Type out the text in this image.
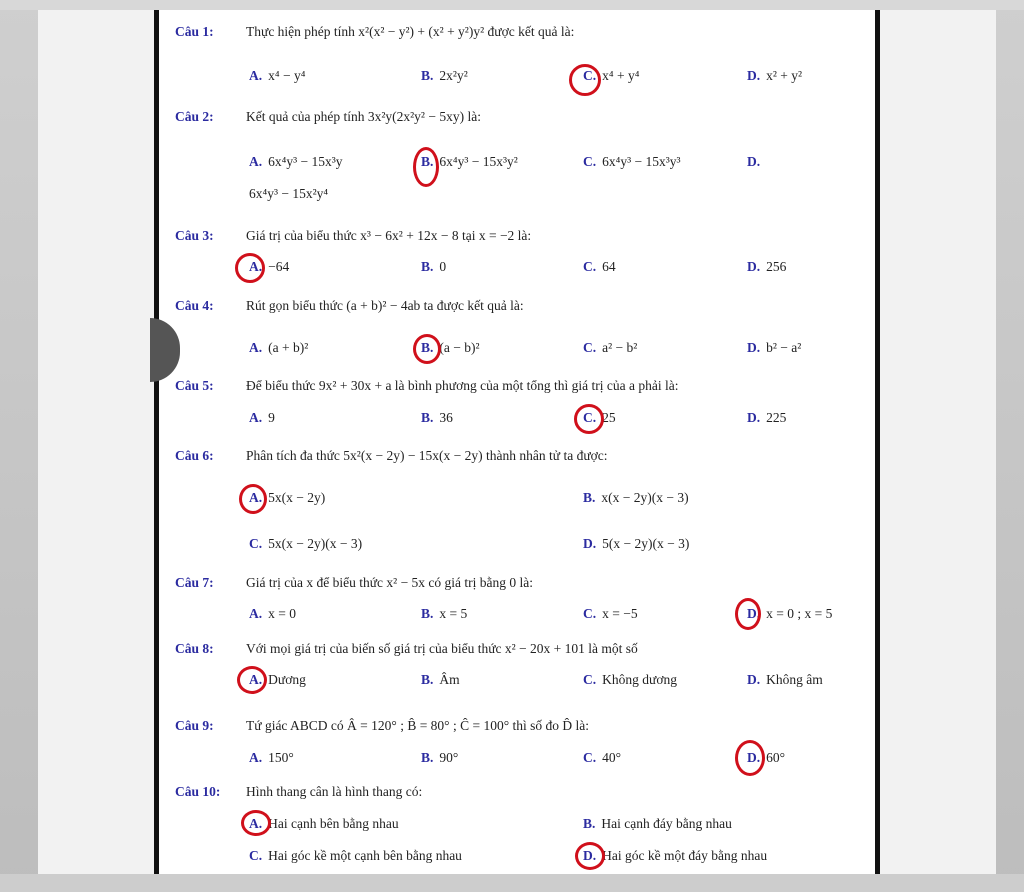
Câu 1: Thực hiện phép tính x²(x² − y²) + (x² + y²)y² được kết quả là:
A. x⁴ − y⁴	B. 2x²y²	C. x⁴ + y⁴	D. x² + y²
Câu 2: Kết quả của phép tính 3x²y(2x²y² − 5xy) là:
A. 6x⁴y³ − 15x³y	B. 6x⁴y³ − 15x³y²	C. 6x⁴y³ − 15x³y³	D.
6x⁴y³ − 15x²y⁴
Câu 3: Giá trị của biểu thức x³ − 6x² + 12x − 8 tại x = −2 là:
A. −64	B. 0	C. 64	D. 256
Câu 4: Rút gọn biểu thức (a + b)² − 4ab ta được kết quả là:
A. (a + b)²	B. (a − b)²	C. a² − b²	D. b² − a²
Câu 5: Để biểu thức 9x² + 30x + a là bình phương của một tổng thì giá trị của a phải là:
A. 9	B. 36	C. 25	D. 225
Câu 6: Phân tích đa thức 5x²(x − 2y) − 15x(x − 2y) thành nhân tử ta được:
A. 5x(x − 2y)	B. x(x − 2y)(x − 3)
C. 5x(x − 2y)(x − 3)	D. 5(x − 2y)(x − 3)
Câu 7: Giá trị của x để biểu thức x² − 5x có giá trị bằng 0 là:
A. x = 0	B. x = 5	C. x = −5	D. x = 0 ; x = 5
Câu 8: Với mọi giá trị của biến số giá trị của biểu thức x² − 20x + 101 là một số
A. Dương	B. Âm	C. Không dương	D. Không âm
Câu 9: Tứ giác ABCD có Â = 120° ; B̂ = 80° ; Ĉ = 100° thì số đo D̂ là:
A. 150°	B. 90°	C. 40°	D. 60°
Câu 10: Hình thang cân là hình thang có:
A. Hai cạnh bên bằng nhau	B. Hai cạnh đáy bằng nhau
C. Hai góc kề một cạnh bên bằng nhau	D. Hai góc kề một đáy bằng nhau
